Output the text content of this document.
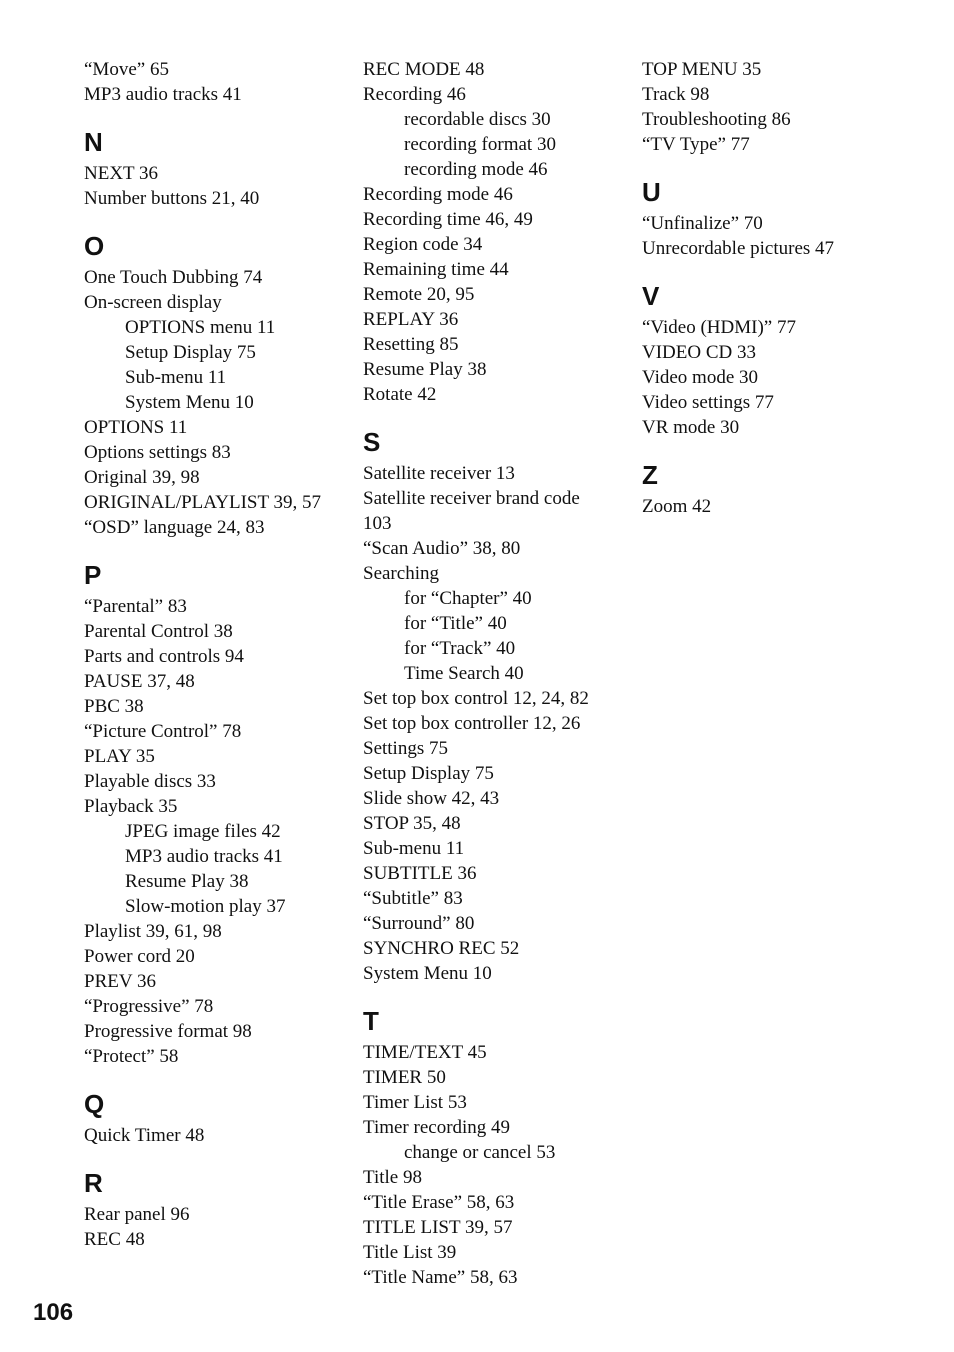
“Move” 65
MP3 audio tracks 41
N
NEXT 36
Number buttons 21, 40
O
One Touch Dubbing 74
On-screen display
OPTIONS menu 11
Setup Display 75
Sub-menu 11
System Menu 10
OPTIONS 11
Options settings 83
Original 39, 98
ORIGINAL/PLAYLIST 39, 57
“OSD” language 24, 83
P
“Parental” 83
Parental Control 38
Parts and controls 94
PAUSE 37, 48
PBC 38
“Picture Control” 78
PLAY 35
Playable discs 33
Playback 35
JPEG image files 42
MP3 audio tracks 41
Resume Play 38
Slow-motion play 37
Playlist 39, 61, 98
Power cord 20
PREV 36
“Progressive” 78
Progressive format 98
“Protect” 58
Q
Quick Timer 48
R
Rear panel 96
REC 48
REC MODE 48
Recording 46
recordable discs 30
recording format 30
recording mode 46
Recording mode 46
Recording time 46, 49
Region code 34
Remaining time 44
Remote 20, 95
REPLAY 36
Resetting 85
Resume Play 38
Rotate 42
S
Satellite receiver 13
Satellite receiver brand code 103
“Scan Audio” 38, 80
Searching
for “Chapter” 40
for “Title” 40
for “Track” 40
Time Search 40
Set top box control 12, 24, 82
Set top box controller 12, 26
Settings 75
Setup Display 75
Slide show 42, 43
STOP 35, 48
Sub-menu 11
SUBTITLE 36
“Subtitle” 83
“Surround” 80
SYNCHRO REC 52
System Menu 10
T
TIME/TEXT 45
TIMER 50
Timer List 53
Timer recording 49
change or cancel 53
Title 98
“Title Erase” 58, 63
TITLE LIST 39, 57
Title List 39
“Title Name” 58, 63
TOP MENU 35
Track 98
Troubleshooting 86
“TV Type” 77
U
“Unfinalize” 70
Unrecordable pictures 47
V
“Video (HDMI)” 77
VIDEO CD 33
Video mode 30
Video settings 77
VR mode 30
Z
Zoom 42
106
